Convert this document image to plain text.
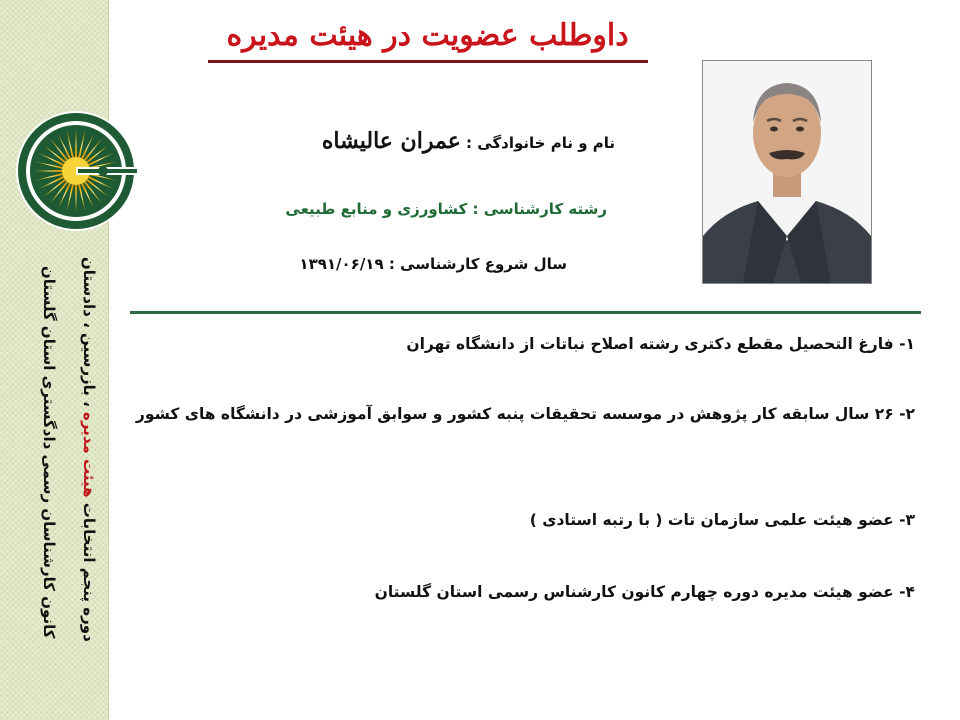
دوره پنجم انتخابات هیئت مدیره ، بازرسین ، دادستان
کانون کارشناسان رسمی دادگستری استان گلستان
داوطلب عضویت در هیئت مدیره
نام و نام خانوادگی : عمران عالیشاه
رشته کارشناسی : کشاورزی و منابع طبیعی
سال شروع کارشناسی : ۱۳۹۱/۰۶/۱۹
۱- فارغ التحصیل مقطع دکتری رشته اصلاح نباتات از دانشگاه تهران
۲- ۲۶ سال سابقه کار پژوهش در موسسه تحقیقات پنبه کشور و سوابق آموزشی در دانشگاه های کشور
۳- عضو هیئت علمی سازمان تات ( با رتبه استادی )
۴- عضو هیئت مدیره دوره چهارم کانون کارشناس رسمی استان گلستان
